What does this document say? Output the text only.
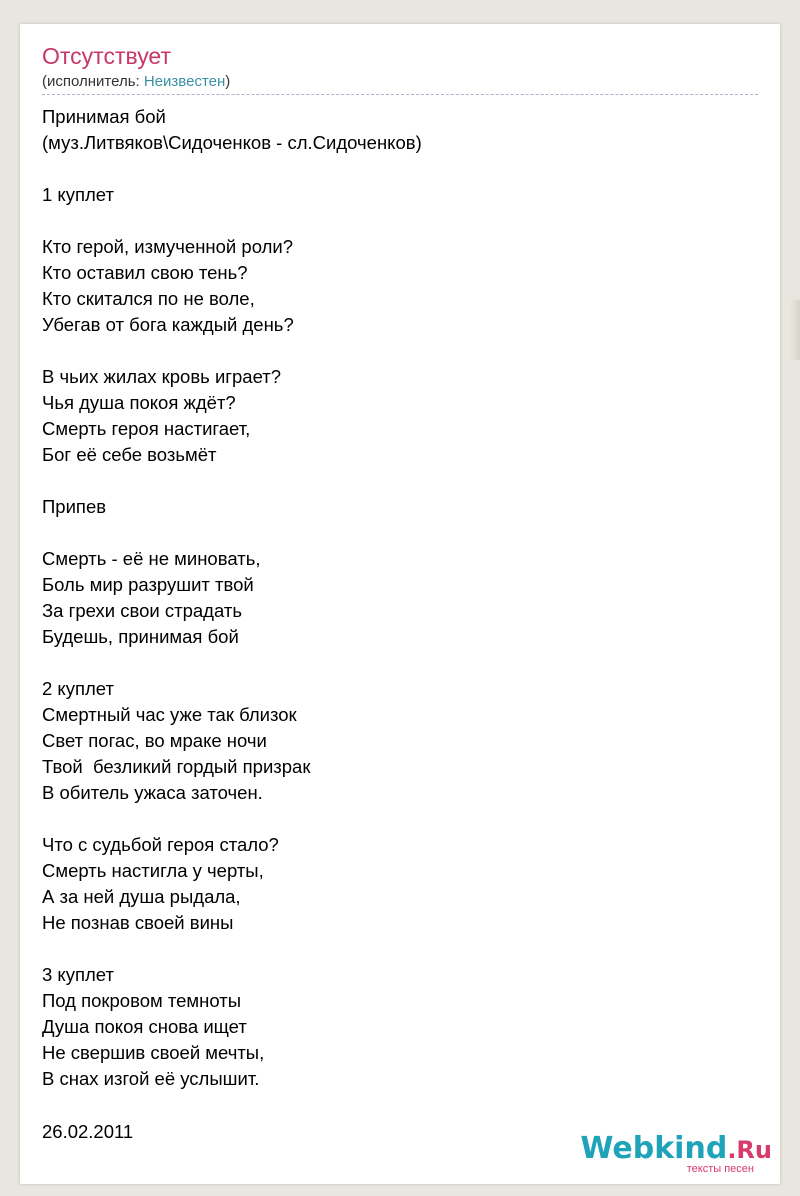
Отсутствует
(исполнитель: Неизвестен)
Принимая бой
(муз.Литвяков\Сидоченков - сл.Сидоченков)

1 куплет

Кто герой, измученной роли?
Кто оставил свою тень?
Кто скитался по не воле,
Убегав от бога каждый день?

В чьих жилах кровь играет?
Чья душа покоя ждёт?
Смерть героя настигает,
Бог её себе возьмёт

Припев

Смерть - её не миновать,
Боль мир разрушит твой
За грехи свои страдать
Будешь, принимая бой

2 куплет
Смертный час уже так близок
Свет погас, во мраке ночи
Твой  безликий гордый призрак
В обитель ужаса заточен.

Что с судьбой героя стало?
Смерть настигла у черты,
А за ней душа рыдала,
Не познав своей вины

3 куплет
Под покровом темноты
Душа покоя снова ищет
Не свершив своей мечты,
В снах изгой её услышит.
26.02.2011	Webkind.Ru
тексты песен
